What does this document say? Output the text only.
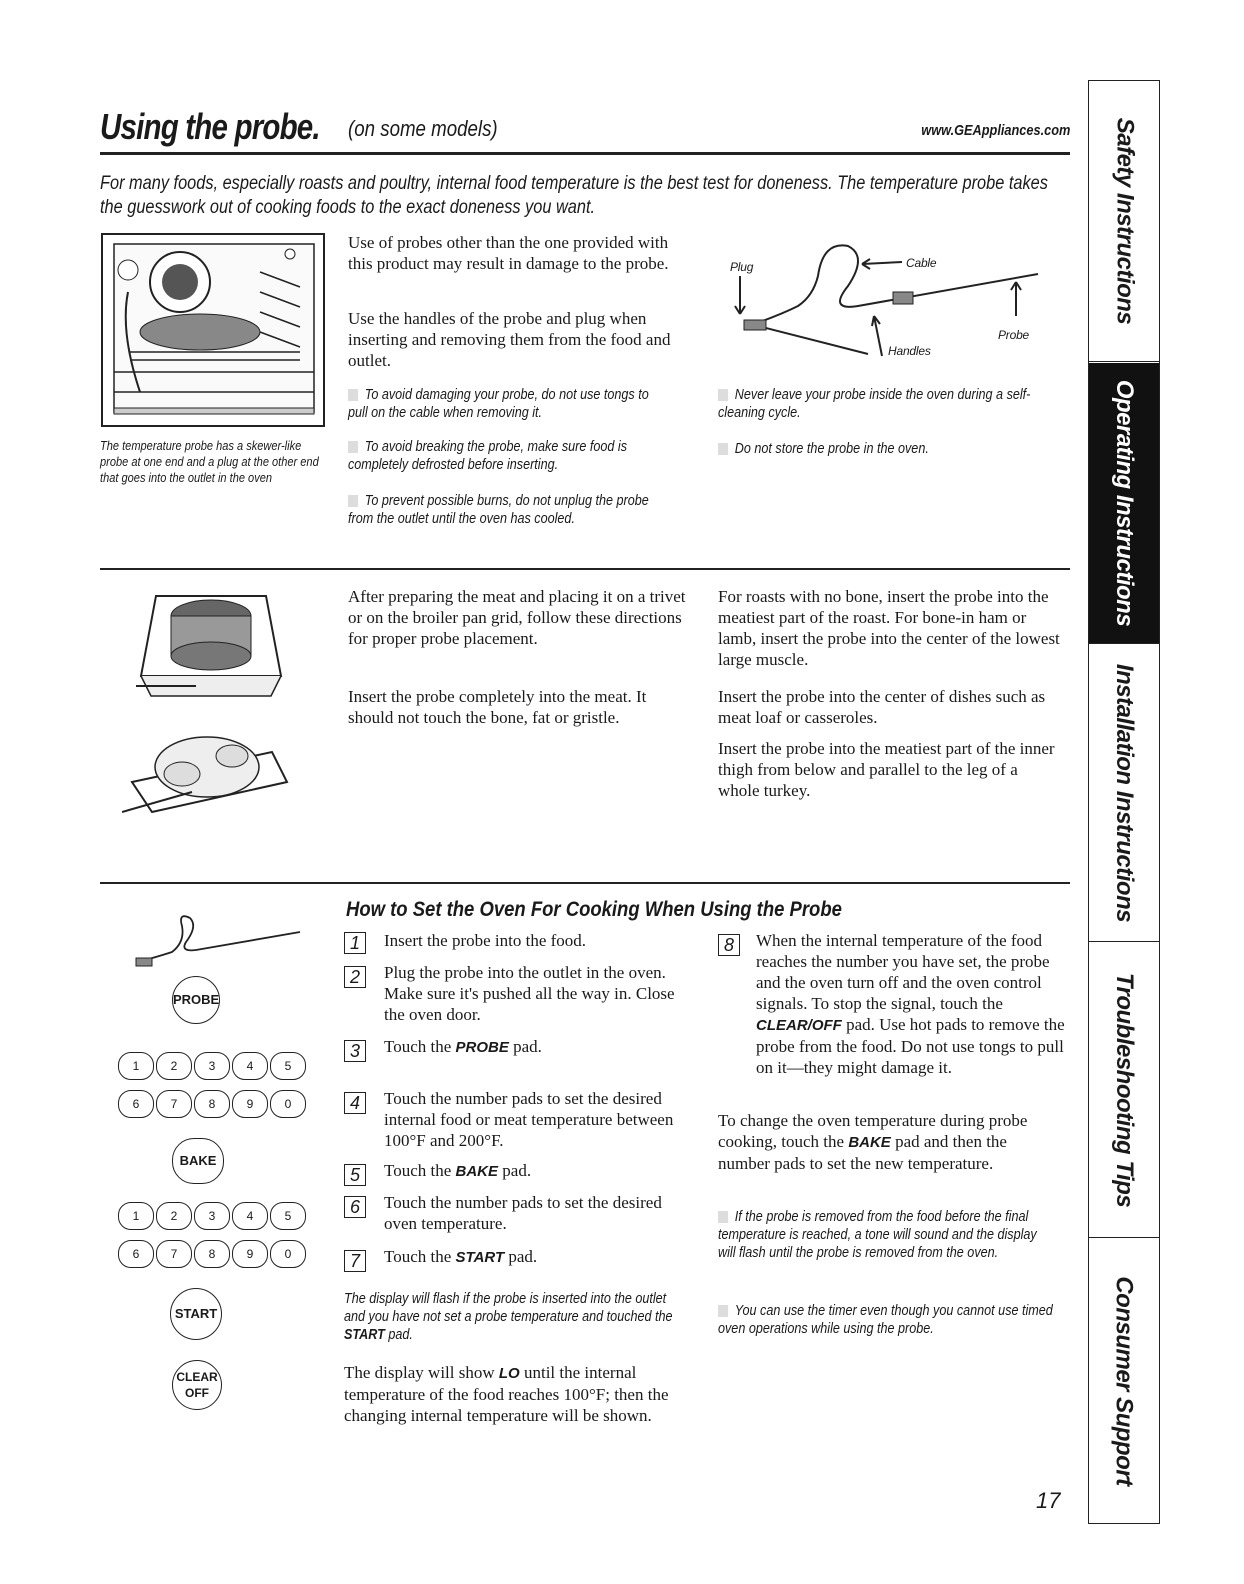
Using the probe. (on some models)	www.GEAppliances.com
For many foods, especially roasts and poultry, internal food temperature is the best test for doneness. The temperature probe takes the guesswork out of cooking foods to the exact doneness you want.
The temperature probe has a skewer-like probe at one end and a plug at the other end that goes into the outlet in the oven
Use of probes other than the one provided with this product may result in damage to the probe.
Use the handles of the probe and plug when inserting and removing them from the food and outlet.
To avoid damaging your probe, do not use tongs to pull on the cable when removing it.
To avoid breaking the probe, make sure food is completely defrosted before inserting.
To prevent possible burns, do not unplug the probe from the outlet until the oven has cooled.
Plug	Cable
Probe
Handles
Never leave your probe inside the oven during a self-cleaning cycle.
Do not store the probe in the oven.
After preparing the meat and placing it on a trivet or on the broiler pan grid, follow these directions for proper probe placement.
Insert the probe completely into the meat. It should not touch the bone, fat or gristle.
For roasts with no bone, insert the probe into the meatiest part of the roast. For bone-in ham or lamb, insert the probe into the center of the lowest large muscle.
Insert the probe into the center of dishes such as meat loaf or casseroles.
Insert the probe into the meatiest part of the inner thigh from below and parallel to the leg of a whole turkey.
PROBE
1	2	3	4	5
6	7	8	9	0
BAKE
1	2	3	4	5
6	7	8	9	0
START
CLEAR
OFF
How to Set the Oven For Cooking When Using the Probe
1	Insert the probe into the food.
2	Plug the probe into the outlet in the oven. Make sure it's pushed all the way in. Close the oven door.
3	Touch the PROBE pad.
4	Touch the number pads to set the desired internal food or meat temperature between 100°F and 200°F.
5	Touch the BAKE pad.
6	Touch the number pads to set the desired oven temperature.
7	Touch the START pad.
The display will flash if the probe is inserted into the outlet and you have not set a probe temperature and touched the START pad.
The display will show LO until the internal temperature of the food reaches 100°F; then the changing internal temperature will be shown.
8	When the internal temperature of the food reaches the number you have set, the probe and the oven turn off and the oven control signals. To stop the signal, touch the CLEAR/OFF pad. Use hot pads to remove the probe from the food. Do not use tongs to pull on it—they might damage it.
To change the oven temperature during probe cooking, touch the BAKE pad and then the number pads to set the new temperature.
If the probe is removed from the food before the final temperature is reached, a tone will sound and the display will flash until the probe is removed from the oven.
You can use the timer even though you cannot use timed oven operations while using the probe.
17
Safety Instructions
Operating Instructions
Installation Instructions
Troubleshooting Tips
Consumer Support
